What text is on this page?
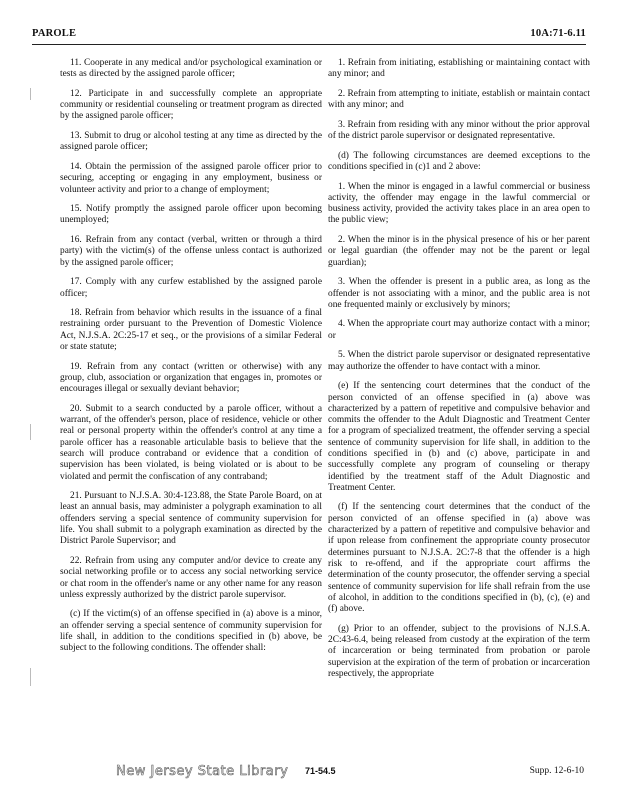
PAROLE	10A:71-6.11

11. Cooperate in any medical and/or psychological examination or tests as directed by the assigned parole officer;

12. Participate in and successfully complete an appropriate community or residential counseling or treatment program as directed by the assigned parole officer;

13. Submit to drug or alcohol testing at any time as directed by the assigned parole officer;

14. Obtain the permission of the assigned parole officer prior to securing, accepting or engaging in any employment, business or volunteer activity and prior to a change of employment;

15. Notify promptly the assigned parole officer upon becoming unemployed;

16. Refrain from any contact (verbal, written or through a third party) with the victim(s) of the offense unless contact is authorized by the assigned parole officer;

17. Comply with any curfew established by the assigned parole officer;

18. Refrain from behavior which results in the issuance of a final restraining order pursuant to the Prevention of Domestic Violence Act, N.J.S.A. 2C:25-17 et seq., or the provisions of a similar Federal or state statute;

19. Refrain from any contact (written or otherwise) with any group, club, association or organization that engages in, promotes or encourages illegal or sexually deviant behavior;

20. Submit to a search conducted by a parole officer, without a warrant, of the offender's person, place of residence, vehicle or other real or personal property within the offender's control at any time a parole officer has a reasonable articulable basis to believe that the search will produce contraband or evidence that a condition of supervision has been violated, is being violated or is about to be violated and permit the confiscation of any contraband;

21. Pursuant to N.J.S.A. 30:4-123.88, the State Parole Board, on at least an annual basis, may administer a polygraph examination to all offenders serving a special sentence of community supervision for life. You shall submit to a polygraph examination as directed by the District Parole Supervisor; and

22. Refrain from using any computer and/or device to create any social networking profile or to access any social networking service or chat room in the offender's name or any other name for any reason unless expressly authorized by the district parole supervisor.

(c) If the victim(s) of an offense specified in (a) above is a minor, an offender serving a special sentence of community supervision for life shall, in addition to the conditions specified in (b) above, be subject to the following conditions. The offender shall:

1. Refrain from initiating, establishing or maintaining contact with any minor; and

2. Refrain from attempting to initiate, establish or maintain contact with any minor; and

3. Refrain from residing with any minor without the prior approval of the district parole supervisor or designated representative.

(d) The following circumstances are deemed exceptions to the conditions specified in (c)1 and 2 above:

1. When the minor is engaged in a lawful commercial or business activity, the offender may engage in the lawful commercial or business activity, provided the activity takes place in an area open to the public view;

2. When the minor is in the physical presence of his or her parent or legal guardian (the offender may not be the parent or legal guardian);

3. When the offender is present in a public area, as long as the offender is not associating with a minor, and the public area is not one frequented mainly or exclusively by minors;

4. When the appropriate court may authorize contact with a minor; or

5. When the district parole supervisor or designated representative may authorize the offender to have contact with a minor.

(e) If the sentencing court determines that the conduct of the person convicted of an offense specified in (a) above was characterized by a pattern of repetitive and compulsive behavior and commits the offender to the Adult Diagnostic and Treatment Center for a program of specialized treatment, the offender serving a special sentence of community supervision for life shall, in addition to the conditions specified in (b) and (c) above, participate in and successfully complete any program of counseling or therapy identified by the treatment staff of the Adult Diagnostic and Treatment Center.

(f) If the sentencing court determines that the conduct of the person convicted of an offense specified in (a) above was characterized by a pattern of repetitive and compulsive behavior and if upon release from confinement the appropriate county prosecutor determines pursuant to N.J.S.A. 2C:7-8 that the offender is a high risk to re-offend, and if the appropriate court affirms the determination of the county prosecutor, the offender serving a special sentence of community supervision for life shall refrain from the use of alcohol, in addition to the conditions specified in (b), (c), (e) and (f) above.

(g) Prior to an offender, subject to the provisions of N.J.S.A. 2C:43-6.4, being released from custody at the expiration of the term of incarceration or being terminated from probation or parole supervision at the expiration of the term of probation or incarceration respectively, the appropriate

New Jersey State Library 71-54.5	Supp. 12-6-10
